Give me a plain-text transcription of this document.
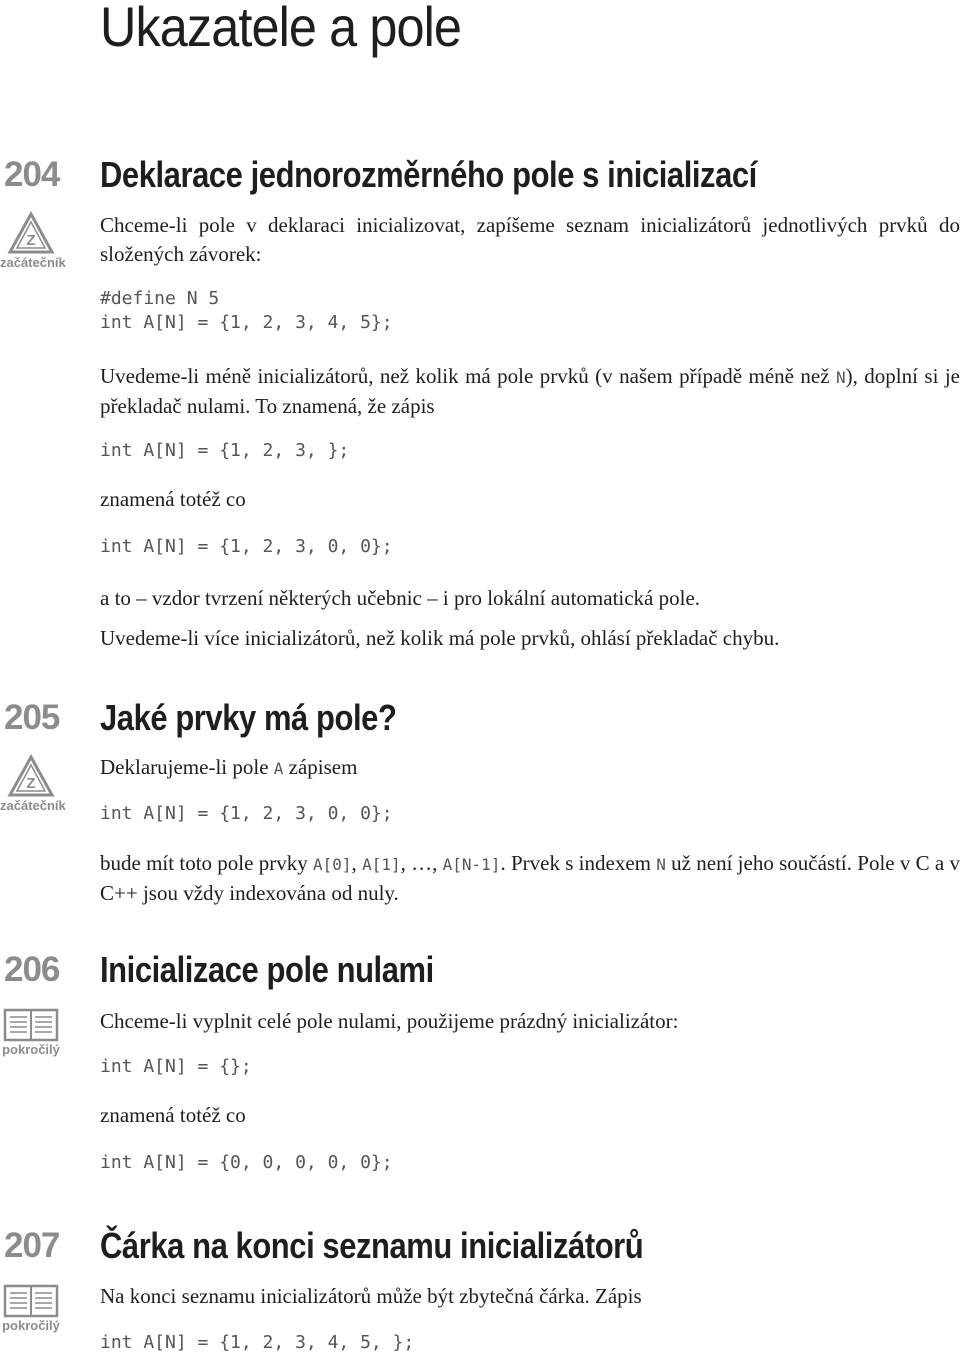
Ukazatele a pole
204 Deklarace jednorozměrného pole s inicializací
Z
začátečník

Chceme-li pole v deklaraci inicializovat, zapíšeme seznam inicializátorů jednotlivých prvků do složených závorek:

#define N 5
int A[N] = {1, 2, 3, 4, 5};

Uvedeme-li méně inicializátorů, než kolik má pole prvků (v našem případě méně než N), doplní si je překladač nulami. To znamená, že zápis

int A[N] = {1, 2, 3, };

znamená totéž co

int A[N] = {1, 2, 3, 0, 0};

a to – vzdor tvrzení některých učebnic – i pro lokální automatická pole.

Uvedeme-li více inicializátorů, než kolik má pole prvků, ohlásí překladač chybu.

205 Jaké prvky má pole?
Z
začátečník

Deklarujeme-li pole A zápisem

int A[N] = {1, 2, 3, 0, 0};

bude mít toto pole prvky A[0], A[1], …, A[N-1]. Prvek s indexem N už není jeho součástí. Pole v C a v C++ jsou vždy indexována od nuly.

206 Inicializace pole nulami
pokročilý

Chceme-li vyplnit celé pole nulami, použijeme prázdný inicializátor:

int A[N] = {};

znamená totéž co

int A[N] = {0, 0, 0, 0, 0};
207 Čárka na konci seznamu inicializátorů
pokročilý

Na konci seznamu inicializátorů může být zbytečná čárka. Zápis

int A[N] = {1, 2, 3, 4, 5, };
